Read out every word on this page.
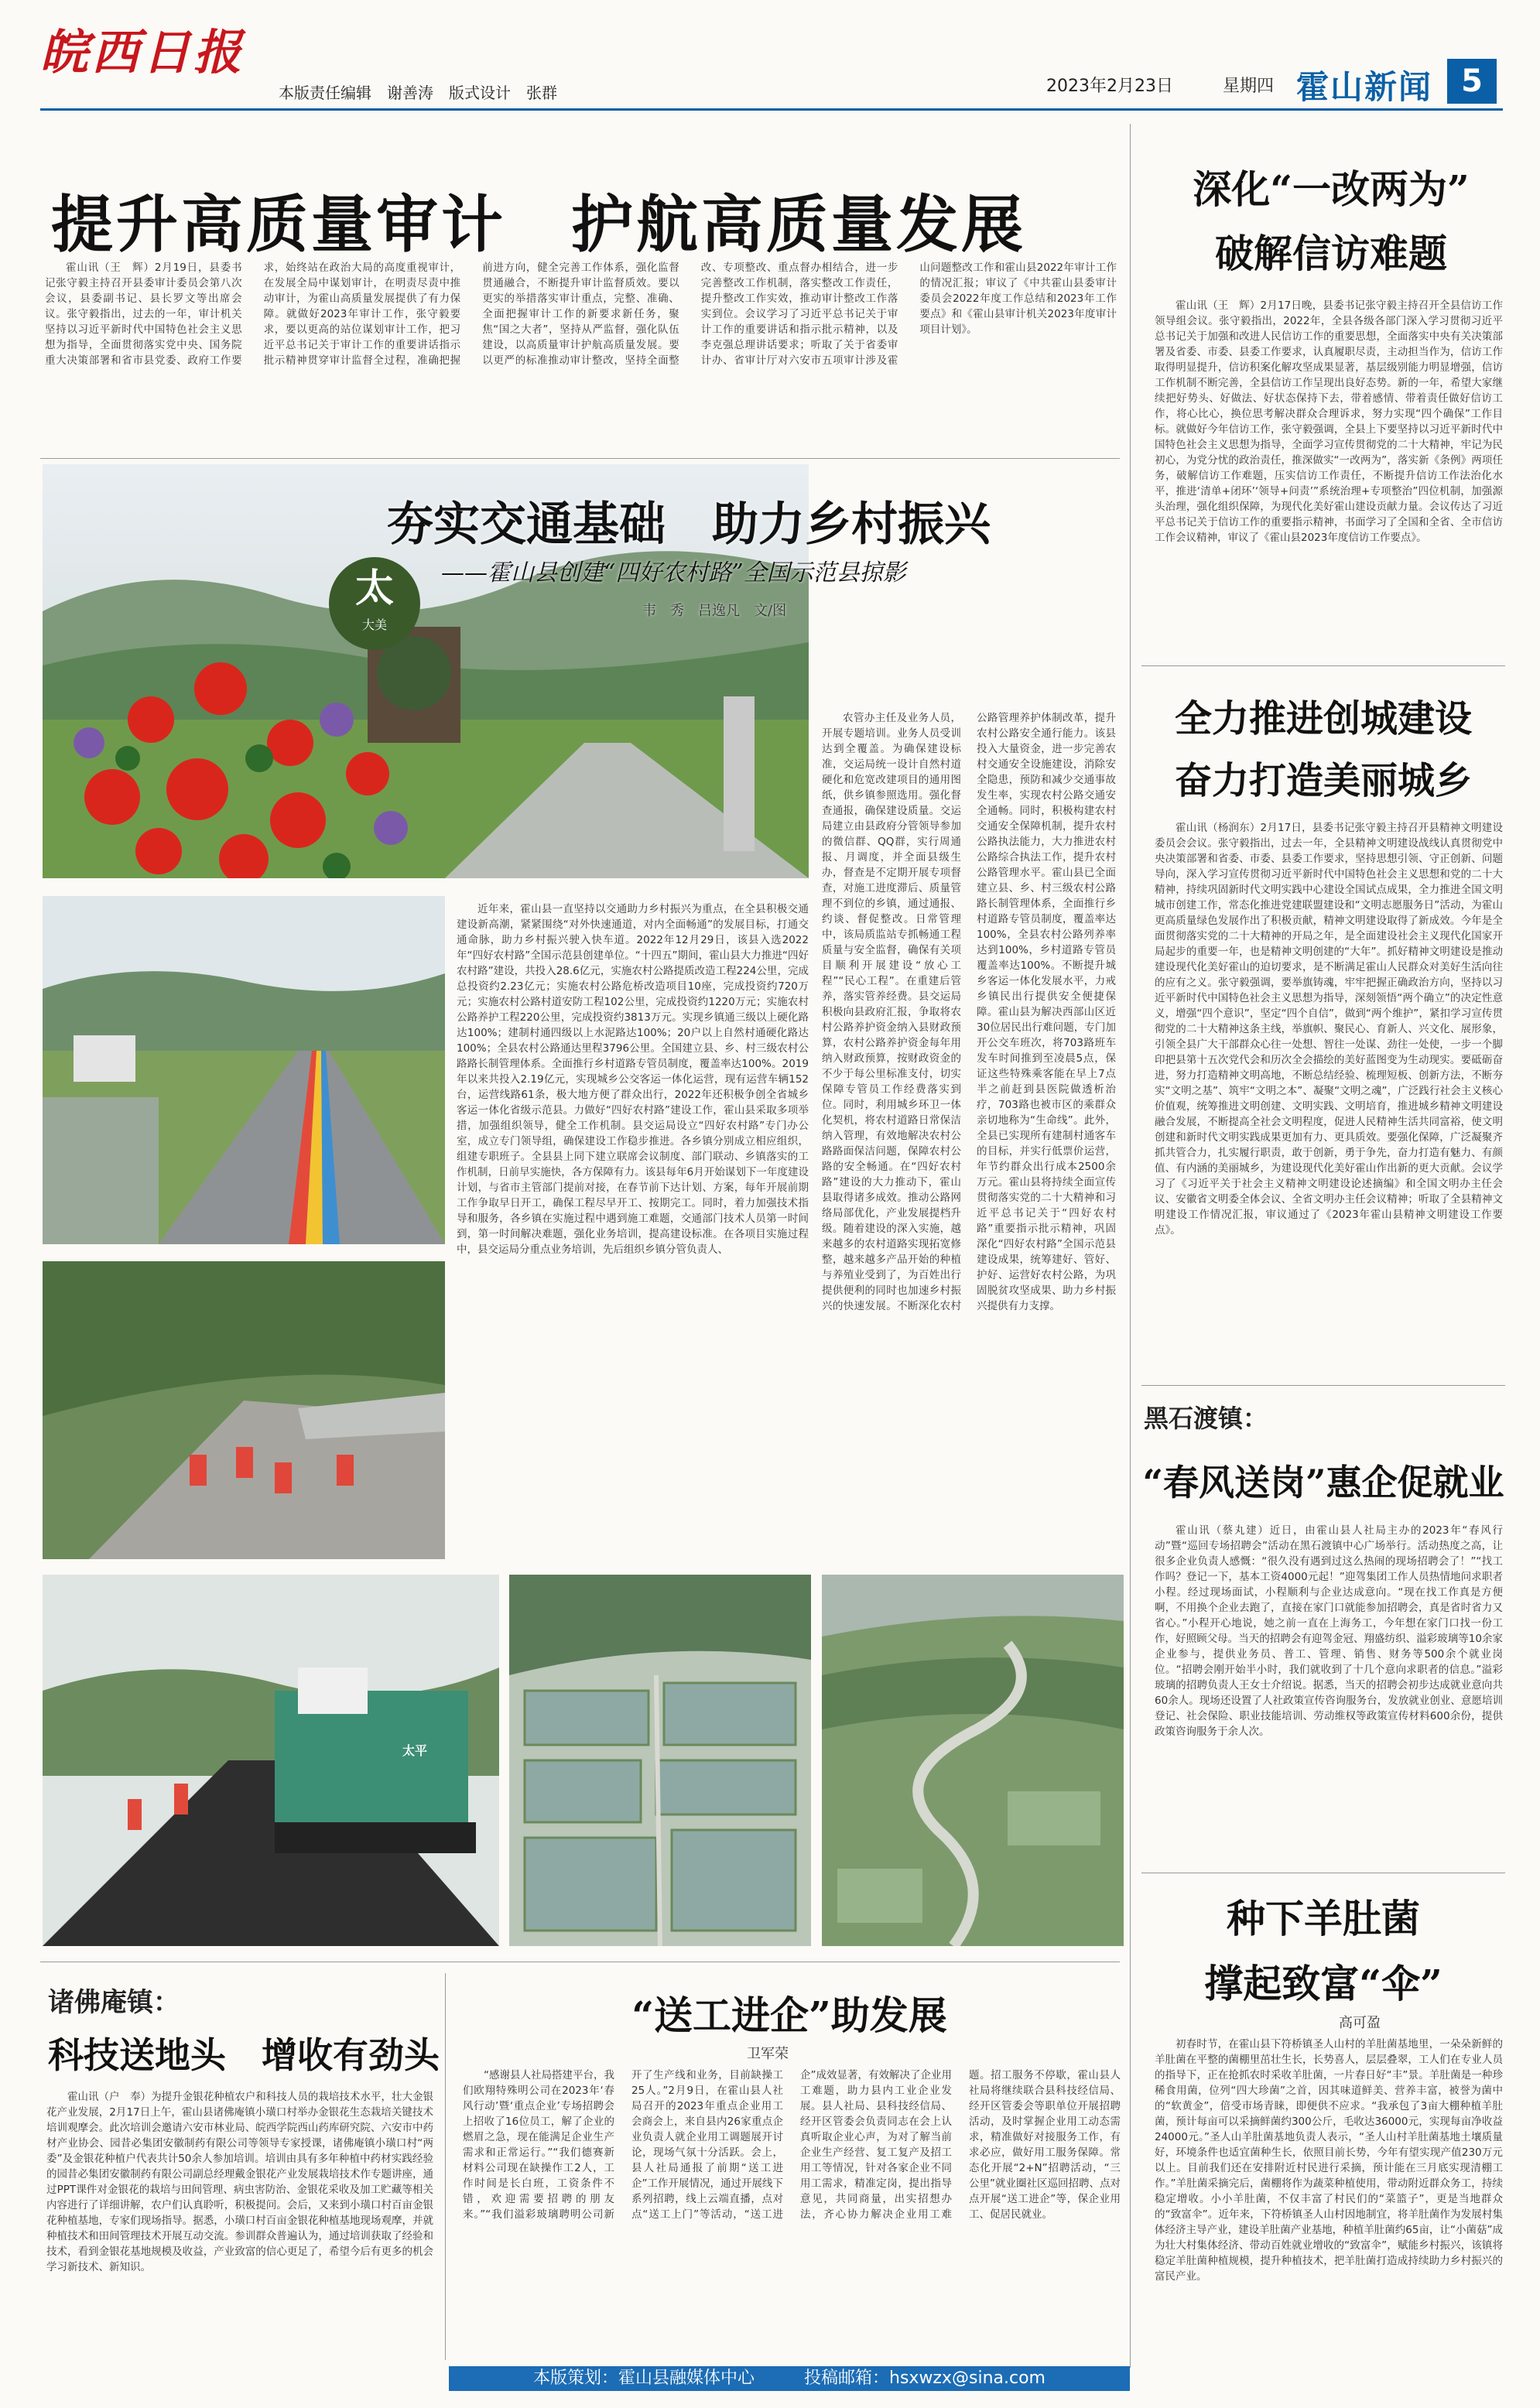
皖西日报
本版责任编辑　谢善涛　版式设计　张群	2023年2月23日	星期四 霍山新闻 5
提升高质量审计　护航高质量发展

霍山讯（王　辉）2月19日，县委书记张守毅主持召开县委审计委员会第八次会议，县委副书记、县长罗文等出席会议。张守毅指出，过去的一年，审计机关坚持以习近平新时代中国特色社会主义思想为指导，全面贯彻落实党中央、国务院重大决策部署和省市县党委、政府工作要求，始终站在政治大局的高度重视审计，在发展全局中谋划审计，在明责尽责中推动审计，为霍山高质量发展提供了有力保障。就做好2023年审计工作，张守毅要求，要以更高的站位谋划审计工作，把习近平总书记关于审计工作的重要讲话指示批示精神贯穿审计监督全过程，准确把握前进方向，健全完善工作体系，强化监督贯通融合，不断提升审计监督质效。要以更实的举措落实审计重点，完整、准确、全面把握审计工作的新要求新任务，聚焦“国之大者”，坚持从严监督，强化队伍建设，以高质量审计护航高质量发展。要以更严的标准推动审计整改，坚持全面整改、专项整改、重点督办相结合，进一步完善整改工作机制，落实整改工作责任，提升整改工作实效，推动审计整改工作落实到位。会议学习了习近平总书记关于审计工作的重要讲话和指示批示精神，以及李克强总理讲话要求；听取了关于省委审计办、省审计厅对六安市五项审计涉及霍山问题整改工作和霍山县2022年审计工作的情况汇报；审议了《中共霍山县委审计委员会2022年度工作总结和2023年工作要点》和《霍山县审计机关2023年度审计项目计划》。

深化“一改两为”
破解信访难题

霍山讯（王　辉）2月17日晚，县委书记张守毅主持召开全县信访工作领导组会议。张守毅指出，2022年，全县各级各部门深入学习贯彻习近平总书记关于加强和改进人民信访工作的重要思想，全面落实中央有关决策部署及省委、市委、县委工作要求，认真履职尽责，主动担当作为，信访工作取得明显提升，信访积案化解攻坚成果显著，基层级别能力明显增强，信访工作机制不断完善，全县信访工作呈现出良好态势。新的一年，希望大家继续把好势头、好做法、好状态保持下去，带着感情、带着责任做好信访工作，将心比心，换位思考解决群众合理诉求，努力实现“四个确保”工作目标。就做好今年信访工作，张守毅强调，全县上下要坚持以习近平新时代中国特色社会主义思想为指导，全面学习宣传贯彻党的二十大精神，牢记为民初心，为党分忧的政治责任，推深做实“一改两为”，落实新《条例》两项任务，破解信访工作难题，压实信访工作责任，不断提升信访工作法治化水平，推进‘清单+闭环’‘领导+问责’”系统治理+专项整治”四位机制，加强源头治理，强化组织保障，为现代化美好霍山建设贡献力量。会议传达了习近平总书记关于信访工作的重要指示精神，书面学习了全国和全省、全市信访工作会议精神，审议了《霍山县2023年度信访工作要点》。

全力推进创城建设
奋力打造美丽城乡

霍山讯（杨润东）2月17日，县委书记张守毅主持召开县精神文明建设委员会会议。张守毅指出，过去一年，全县精神文明建设战线认真贯彻党中央决策部署和省委、市委、县委工作要求，坚持思想引领、守正创新、问题导向，深入学习宣传贯彻习近平新时代中国特色社会主义思想和党的二十大精神，持续巩固新时代文明实践中心建设全国试点成果，全力推进全国文明城市创建工作，常态化推进党建联盟建设和“文明志愿服务日”活动，为霍山更高质量绿色发展作出了积极贡献，精神文明建设取得了新成效。今年是全面贯彻落实党的二十大精神的开局之年，是全面建设社会主义现代化国家开局起步的重要一年，也是精神文明创建的“大年”。抓好精神文明建设是推动建设现代化美好霍山的迫切要求，是不断满足霍山人民群众对美好生活向往的应有之义。张守毅强调，要举旗铸魂，牢牢把握正确政治方向，坚持以习近平新时代中国特色社会主义思想为指导，深刻领悟“两个确立”的决定性意义，增强“四个意识”，坚定“四个自信”，做到“两个维护”，紧扣学习宣传贯彻党的二十大精神这条主线，举旗帜、聚民心、育新人、兴文化、展形象，引领全县广大干部群众心往一处想、智往一处谋、劲往一处使，一步一个脚印把县第十五次党代会和历次全会描绘的美好蓝图变为生动现实。要砥砺奋进，努力打造精神文明高地，不断总结经验、梳理短板、创新方法，不断夯实“文明之基”、筑牢“文明之本”、凝聚“文明之魂”，广泛践行社会主义核心价值观，统筹推进文明创建、文明实践、文明培育，推进城乡精神文明建设融合发展，不断提高全社会文明程度，促进人民精神生活共同富裕，使文明创建和新时代文明实践成果更加有力、更具质效。要强化保障，广泛凝聚齐抓共管合力，扎实履行职责，敢于创新，勇于争先，奋力打造有魅力、有颜值、有内涵的美丽城乡，为建设现代化美好霍山作出新的更大贡献。会议学习了《习近平关于社会主义精神文明建设论述摘编》和全国文明办主任会议、安徽省文明委全体会议、全省文明办主任会议精神；听取了全县精神文明建设工作情况汇报，审议通过了《2023年霍山县精神文明建设工作要点》。

黑石渡镇：
“春风送岗”惠企促就业

霍山讯（蔡丸建）近日，由霍山县人社局主办的2023年“春风行动”暨“巡回专场招聘会”活动在黑石渡镇中心广场举行。活动热度之高，让很多企业负责人感慨：“很久没有遇到过这么热闹的现场招聘会了！”“找工作吗？登记一下，基本工资4000元起！”迎驾集团工作人员热情地问求职者小程。经过现场面试，小程顺利与企业达成意向。“现在找工作真是方便啊，不用换个企业去跑了，直接在家门口就能参加招聘会，真是省时省力又省心。”小程开心地说，她之前一直在上海务工，今年想在家门口找一份工作，好照顾父母。当天的招聘会有迎驾金冠、翔盛纺织、溢彩玻璃等10余家企业参与，提供业务员、普工、管理、销售、财务等500余个就业岗位。“招聘会刚开始半小时，我们就收到了十几个意向求职者的信息。”溢彩玻璃的招聘负责人王女士介绍说。据悉，当天的招聘会初步达成就业意向共60余人。现场还设置了人社政策宣传咨询服务台，发放就业创业、意愿培训登记、社会保险、职业技能培训、劳动维权等政策宣传材料600余份，提供政策咨询服务于余人次。

种下羊肚菌
撑起致富“伞”
高可盈

初春时节，在霍山县下符桥镇圣人山村的羊肚菌基地里，一朵朵新鲜的羊肚菌在平整的菌棚里茁壮生长，长势喜人，层层叠翠，工人们在专业人员的指导下，正在抢抓农时采收羊肚菌，一片春日好“丰”景。羊肚菌是一种珍稀食用菌，位列“四大珍菌”之首，因其味道鲜美、营养丰富，被誉为菌中的“软黄金”，倍受市场青睐，即便供不应求。“我承包了3亩大棚种植羊肚菌，预计每亩可以采摘鲜菌约300公斤，毛收达36000元，实现每亩净收益24000元。”圣人山羊肚菌基地负责人表示，“圣人山村羊肚菌基地土壤质量好，环境条件也适宜菌种生长，依照目前长势，今年有望实现产值230万元以上。目前我们还在安排附近村民进行采摘，预计能在三月底实现清棚工作。”羊肚菌采摘完后，菌棚将作为蔬菜种植使用，带动附近群众务工，持续稳定增收。小小羊肚菌，不仅丰富了村民们的“菜篮子”，更是当地群众的“致富伞”。近年来，下符桥镇圣人山村因地制宜，将羊肚菌作为发展村集体经济主导产业，建设羊肚菌产业基地，种植羊肚菌约65亩，让“小菌菇”成为壮大村集体经济、带动百姓就业增收的“致富伞”，赋能乡村振兴，该镇将稳定羊肚菌种植规模，提升种植技术，把羊肚菌打造成持续助力乡村振兴的富民产业。

太
大美
夯实交通基础　助力乡村振兴
——霍山县创建“四好农村路”全国示范县掠影
韦　秀　吕逸凡　文/图

农管办主任及业务人员，开展专题培训。业务人员受训达到全覆盖。为确保建设标准，交运局统一设计自然村道硬化和危宽改建项目的通用图纸，供乡镇参照选用。强化督查通报，确保建设质量。交运局建立由县政府分管领导参加的微信群、QQ群，实行周通报、月调度，并全面县级生办，督查是不定期开展专项督查，对施工进度滞后、质量管理不到位的乡镇，通过通报、约谈、督促整改。日常管理中，该局质监站专抓畅通工程质量与安全监督，确保有关项目顺利开展建设“放心工程”“民心工程”。在重建后管养，落实管养经费。县交运局积极向县政府汇报，争取将农村公路养护资金纳入县财政预算，农村公路养护资金每年用纳入财政预算，按财政资金的不少于每公里标准支付，切实保障专管员工作经费落实到位。同时，利用城乡环卫一体化契机，将农村道路日常保洁纳入管理，有效地解决农村公路路面保洁问题，保障农村公路的安全畅通。在“四好农村路”建设的大力推动下，霍山县取得诸多成效。推动公路网络局部优化，产业发展提档升级。随着建设的深入实施，越来越多的农村道路实现拓宽修整，越来越多产品开始的种植与养殖业受到了，为百姓出行提供便利的同时也加速乡村振兴的快速发展。不断深化农村公路管理养护体制改革，提升农村公路安全通行能力。该县投入大量资金，进一步完善农村交通安全设施建设，消除安全隐患，预防和减少交通事故发生率，实现农村公路交通安全通畅。同时，积极构建农村交通安全保障机制，提升农村公路执法能力，大力推进农村公路综合执法工作，提升农村公路管理水平。霍山县已全面建立县、乡、村三级农村公路路长制管理体系，全面推行乡村道路专管员制度，覆盖率达100%，全县农村公路列养率达到100%，乡村道路专管员覆盖率达100%。不断提升城乡客运一体化发展水平，力戒乡镇民出行提供安全便捷保障。霍山县为解决西部山区近30位居民出行难问题，专门加开公交车班次，将703路班车发车时间推到至凌晨5点，保证这些特殊乘客能在早上7点半之前赶到县医院做透析治疗，703路也被市区的乘群众亲切地称为“生命线”。此外，全县已实现所有建制村通客车的目标，并实行低票价运营，年节约群众出行成本2500余万元。霍山县将持续全面宣传贯彻落实党的二十大精神和习近平总书记关于“四好农村路”重要指示批示精神，巩固深化“四好农村路”全国示范县建设成果，统筹建好、管好、护好、运营好农村公路，为巩固脱贫攻坚成果、助力乡村振兴提供有力支撑。

近年来，霍山县一直坚持以交通助力乡村振兴为重点，在全县积极交通建设新高潮，紧紧围绕“对外快速通道，对内全面畅通”的发展目标，打通交通命脉，助力乡村振兴驶入快车道。2022年12月29日，该县入选2022年“四好农村路”全国示范县创建单位。“十四五”期间，霍山县大力推进“四好农村路”建设，共投入28.6亿元，实施农村公路提质改造工程224公里，完成总投资约2.23亿元；实施农村公路危桥改造项目10座，完成投资约720万元；实施农村公路村道安防工程102公里，完成投资约1220万元；实施农村公路养护工程220公里，完成投资约3813万元。实现乡镇通三级以上硬化路达100%；建制村通四级以上水泥路达100%；20户以上自然村通硬化路达100%；全县农村公路通达里程3796公里。全国建立县、乡、村三级农村公路路长制管理体系。全面推行乡村道路专管员制度，覆盖率达100%。2019年以来共投入2.19亿元，实现城乡公交客运一体化运营，现有运营车辆152台，运营线路61条，极大地方便了群众出行，2022年还积极争创全省城乡客运一体化省级示范县。力做好“四好农村路”建设工作，霍山县采取多项举措，加强组织领导，健全工作机制。县交运局设立“四好农村路”专门办公室，成立专门领导组，确保建设工作稳步推进。各乡镇分别成立相应组织，组建专职班子。全县县上同下建立联席会议制度、部门联动、乡镇落实的工作机制，日前早实施快，各方保障有力。该县每年6月开始谋划下一年度建设计划，与省市主管部门提前对接，在春节前下达计划、方案，每年开展前期工作争取早日开工，确保工程尽早开工、按期完工。同时，着力加强技术指导和服务，各乡镇在实施过程中遇到施工难题，交通部门技术人员第一时间到，第一时间解决难题，强化业务培训，提高建设标准。在各项目实施过程中，县交运局分重点业务培训，先后组织乡镇分管负责人、

太平
诸佛庵镇：
科技送地头　增收有劲头

霍山讯（户　奉）为提升金银花种植农户和科技人员的栽培技术水平，壮大金银花产业发展，2月17日上午，霍山县诸佛庵镇小璜口村举办金银花生态栽培关键技术培训观摩会。此次培训会邀请六安市林业局、皖西学院西山药库研究院、六安市中药材产业协会、园昔必集团安徽制药有限公司等领导专家授课，诸佛庵镇小璜口村“两委”及金银花种植户代表共计50余人参加培训。培训由具有多年种植中药材实践经验的园昔必集团安徽制药有限公司副总经理戴金银花产业发展栽培技术作专题讲座，通过PPT课件对金银花的栽培与田间管理、病虫害防治、金银花采收及加工贮藏等相关内容进行了详细讲解，农户们认真聆听，积极提问。会后，又来到小璜口村百亩金银花种植基地，专家们现场指导。据悉，小璜口村百亩金银花种植基地现场观摩，并就种植技术和田间管理技术开展互动交流。参训群众普遍认为，通过培训获取了经验和技术，看到金银花基地规模及收益，产业致富的信心更足了，希望今后有更多的机会学习新技术、新知识。

“送工进企”助发展
卫军荣

“感谢县人社局搭建平台，我们欧翔特殊明公司在2023年‘春风行动’暨‘重点企业’专场招聘会上招收了16位员工，解了企业的燃眉之急，现在能满足企业生产需求和正常运行。”“我们德赛新材料公司现在缺操作工2人，工作时间是长白班，工资条件不错，欢迎需要招聘的朋友来。”“我们溢彩玻璃聘明公司新开了生产线和业务，目前缺操工25人。”2月9日，在霍山县人社局召开的2023年重点企业用工会商会上，来自县内26家重点企业负责人就企业用工调题展开讨论，现场气氛十分活跃。会上，县人社局通报了前期“送工进企”工作开展情况，通过开展线下系列招聘，线上云端直播，点对点“送工上门”等活动，“送工进企”成效显著，有效解决了企业用工难题，助力县内工业企业发展。县人社局、县科技经信局、经开区管委会负责同志在会上认真听取企业心声，为对了解当前企业生产经营、复工复产及招工用工等情况，针对各家企业不同用工需求，精准定岗，提出指导意见，共同商量，出实招想办法，齐心协力解决企业用工难题。招工服务不停歇，霍山县人社局将继续联合县科技经信局、经开区管委会等职单位开展招聘活动，及时掌握企业用工动态需求，精准做好对接服务工作，有求必应，做好用工服务保障。常态化开展“2+N”招聘活动，“三公里”就业圈社区巡回招聘、点对点开展“送工进企”等，保企业用工、促居民就业。

本版策划：霍山县融媒体中心	投稿邮箱：hsxwzx@sina.com
